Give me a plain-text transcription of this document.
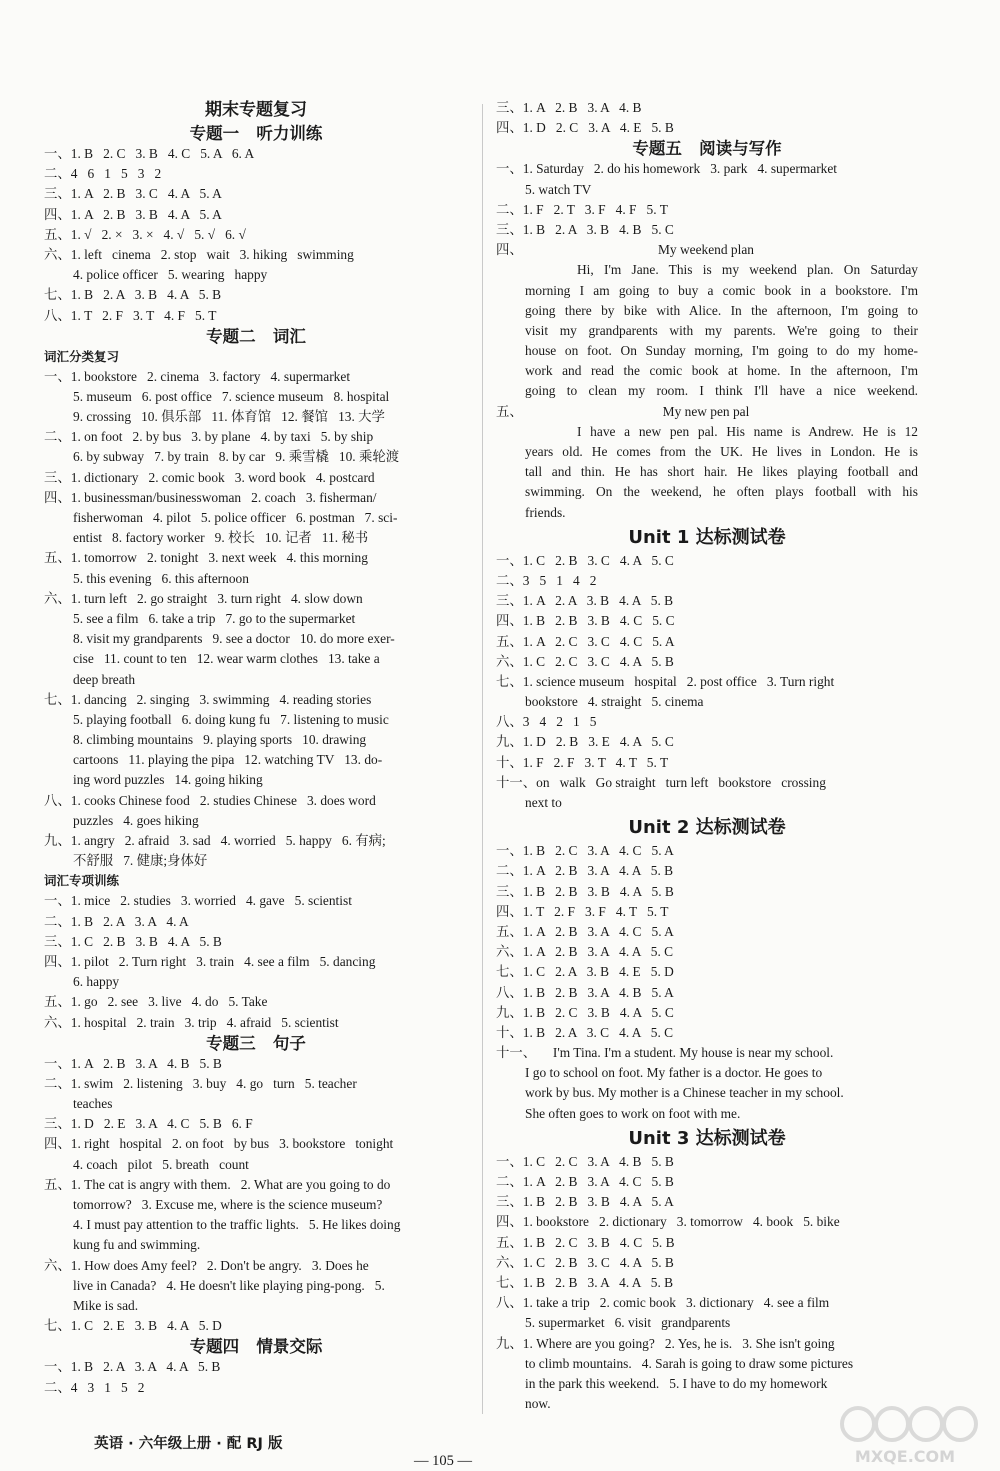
期末专题复习
专题一   听力训练
一、1. B   2. C   3. B   4. C   5. A   6. A
二、4   6   1   5   3   2
三、1. A   2. B   3. C   4. A   5. A
四、1. A   2. B   3. B   4. A   5. A
五、1. √   2. ×   3. ×   4. √   5. √   6. √
六、1. left   cinema   2. stop   wait   3. hiking   swimming
4. police officer   5. wearing   happy
七、1. B   2. A   3. B   4. A   5. B
八、1. T   2. F   3. T   4. F   5. T
专题二   词汇
词汇分类复习
一、1. bookstore   2. cinema   3. factory   4. supermarket
5. museum   6. post office   7. science museum   8. hospital
9. crossing   10. 俱乐部   11. 体育馆   12. 餐馆   13. 大学
二、1. on foot   2. by bus   3. by plane   4. by taxi   5. by ship
6. by subway   7. by train   8. by car   9. 乘雪橇   10. 乘轮渡
三、1. dictionary   2. comic book   3. word book   4. postcard
四、1. businessman/businesswoman   2. coach   3. fisherman/
fisherwoman   4. pilot   5. police officer   6. postman   7. sci-
entist   8. factory worker   9. 校长   10. 记者   11. 秘书
五、1. tomorrow   2. tonight   3. next week   4. this morning
5. this evening   6. this afternoon
六、1. turn left   2. go straight   3. turn right   4. slow down
5. see a film   6. take a trip   7. go to the supermarket
8. visit my grandparents   9. see a doctor   10. do more exer-
cise   11. count to ten   12. wear warm clothes   13. take a
deep breath
七、1. dancing   2. singing   3. swimming   4. reading stories
5. playing football   6. doing kung fu   7. listening to music
8. climbing mountains   9. playing sports   10. drawing
cartoons   11. playing the pipa   12. watching TV   13. do-
ing word puzzles   14. going hiking
八、1. cooks Chinese food   2. studies Chinese   3. does word
puzzles   4. goes hiking
九、1. angry   2. afraid   3. sad   4. worried   5. happy   6. 有病;
不舒服   7. 健康;身体好
词汇专项训练
一、1. mice   2. studies   3. worried   4. gave   5. scientist
二、1. B   2. A   3. A   4. A
三、1. C   2. B   3. B   4. A   5. B
四、1. pilot   2. Turn right   3. train   4. see a film   5. dancing
6. happy
五、1. go   2. see   3. live   4. do   5. Take
六、1. hospital   2. train   3. trip   4. afraid   5. scientist
专题三   句子
一、1. A   2. B   3. A   4. B   5. B
二、1. swim   2. listening   3. buy   4. go   turn   5. teacher
teaches
三、1. D   2. E   3. A   4. C   5. B   6. F
四、1. right   hospital   2. on foot   by bus   3. bookstore   tonight
4. coach   pilot   5. breath   count
五、1. The cat is angry with them.   2. What are you going to do
tomorrow?   3. Excuse me, where is the science museum?
4. I must pay attention to the traffic lights.   5. He likes doing
kung fu and swimming.
六、1. How does Amy feel?   2. Don't be angry.   3. Does he
live in Canada?   4. He doesn't like playing ping-pong.   5.
Mike is sad.
七、1. C   2. E   3. B   4. A   5. D
专题四   情景交际
一、1. B   2. A   3. A   4. A   5. B
二、4   3   1   5   2
三、1. A   2. B   3. A   4. B
四、1. D   2. C   3. A   4. E   5. B
专题五   阅读与写作
一、1. Saturday   2. do his homework   3. park   4. supermarket
5. watch TV
二、1. F   2. T   3. F   4. F   5. T
三、1. B   2. A   3. B   4. B   5. C
四、	My weekend plan
Hi, I'm Jane. This is my weekend plan. On Saturday
morning I am going to buy a comic book in a bookstore. I'm
going there by bike with Alice. In the afternoon, I'm going to
visit my grandparents with my parents. We're going to their
house on foot. On Sunday morning, I'm going to do my home-
work and read the comic book at home. In the afternoon, I'm
going to clean my room. I think I'll have a nice weekend.
五、	My new pen pal
I have a new pen pal. His name is Andrew. He is 12
years old. He comes from the UK. He lives in London. He is
tall and thin. He has short hair. He likes playing football and
swimming. On the weekend, he often plays football with his
friends.
Unit 1 达标测试卷
一、1. C   2. B   3. C   4. A   5. C
二、3   5   1   4   2
三、1. A   2. A   3. B   4. A   5. B
四、1. B   2. B   3. B   4. C   5. C
五、1. A   2. C   3. C   4. C   5. A
六、1. C   2. C   3. C   4. A   5. B
七、1. science museum   hospital   2. post office   3. Turn right
bookstore   4. straight   5. cinema
八、3   4   2   1   5
九、1. D   2. B   3. E   4. A   5. C
十、1. F   2. F   3. T   4. T   5. T
十一、on   walk   Go straight   turn left   bookstore   crossing
next to
Unit 2 达标测试卷
一、1. B   2. C   3. A   4. C   5. A
二、1. A   2. B   3. A   4. A   5. B
三、1. B   2. B   3. B   4. A   5. B
四、1. T   2. F   3. F   4. T   5. T
五、1. A   2. B   3. A   4. C   5. A
六、1. A   2. B   3. A   4. A   5. C
七、1. C   2. A   3. B   4. E   5. D
八、1. B   2. B   3. A   4. B   5. A
九、1. B   2. C   3. B   4. A   5. C
十、1. B   2. A   3. C   4. A   5. C
十一、     I'm Tina. I'm a student. My house is near my school.
I go to school on foot. My father is a doctor. He goes to
work by bus. My mother is a Chinese teacher in my school.
She often goes to work on foot with me.
Unit 3 达标测试卷
一、1. C   2. C   3. A   4. B   5. B
二、1. A   2. B   3. A   4. C   5. B
三、1. B   2. B   3. B   4. A   5. A
四、1. bookstore   2. dictionary   3. tomorrow   4. book   5. bike
五、1. B   2. C   3. B   4. C   5. B
六、1. C   2. B   3. C   4. A   5. B
七、1. B   2. B   3. A   4. A   5. B
八、1. take a trip   2. comic book   3. dictionary   4. see a film
5. supermarket   6. visit   grandparents
九、1. Where are you going?   2. Yes, he is.   3. She isn't going
to climb mountains.   4. Sarah is going to draw some pictures
in the park this weekend.   5. I have to do my homework
now.

英语 · 六年级上册 · 配 RJ 版

— 105 —	MXQE.COM
